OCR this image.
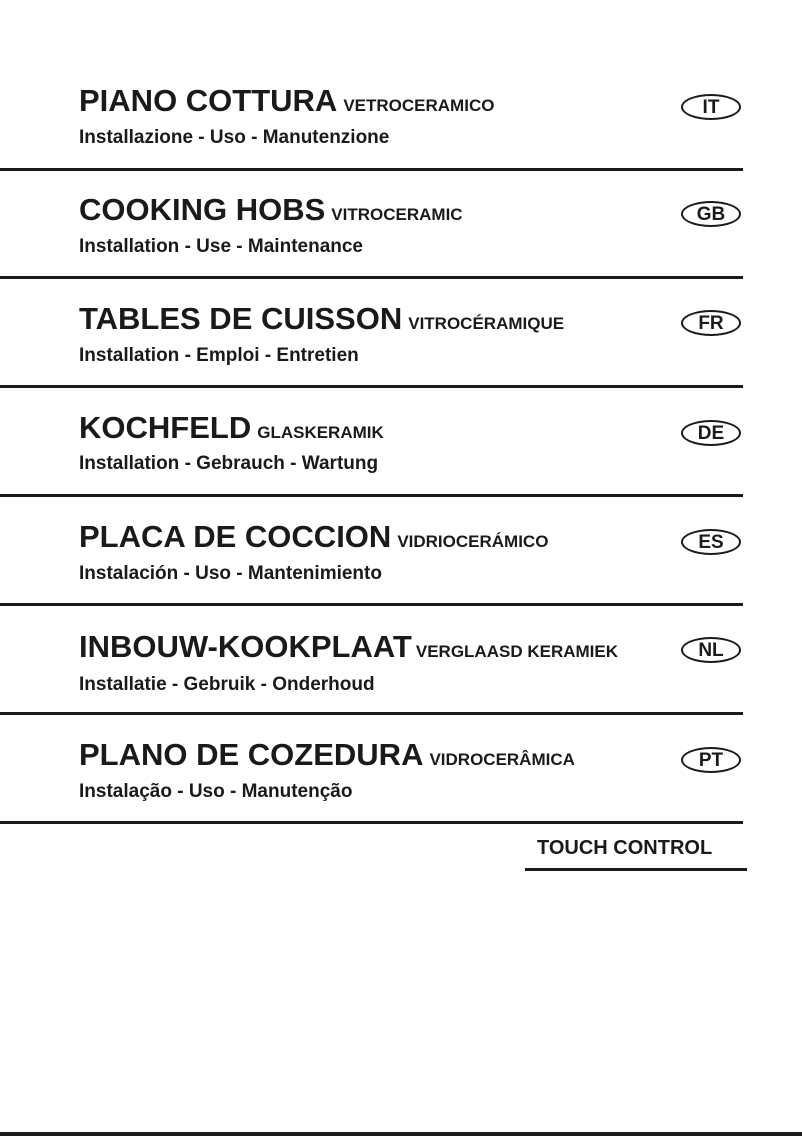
PIANO COTTURA VETROCERAMICO
Installazione - Uso - Manutenzione
IT
COOKING HOBS VITROCERAMIC
Installation - Use - Maintenance
GB
TABLES DE CUISSON VITROCÉRAMIQUE
Installation - Emploi - Entretien
FR
KOCHFELD GLASKERAMIK
Installation - Gebrauch - Wartung
DE
PLACA DE COCCION VIDRIOCERÁMICO
Instalación - Uso - Mantenimiento
ES
INBOUW-KOOKPLAAT VERGLAASD KERAMIEK
Installatie - Gebruik - Onderhoud
NL
PLANO DE COZEDURA VIDROCERÂMICA
Instalação - Uso - Manutenção
PT
TOUCH CONTROL
